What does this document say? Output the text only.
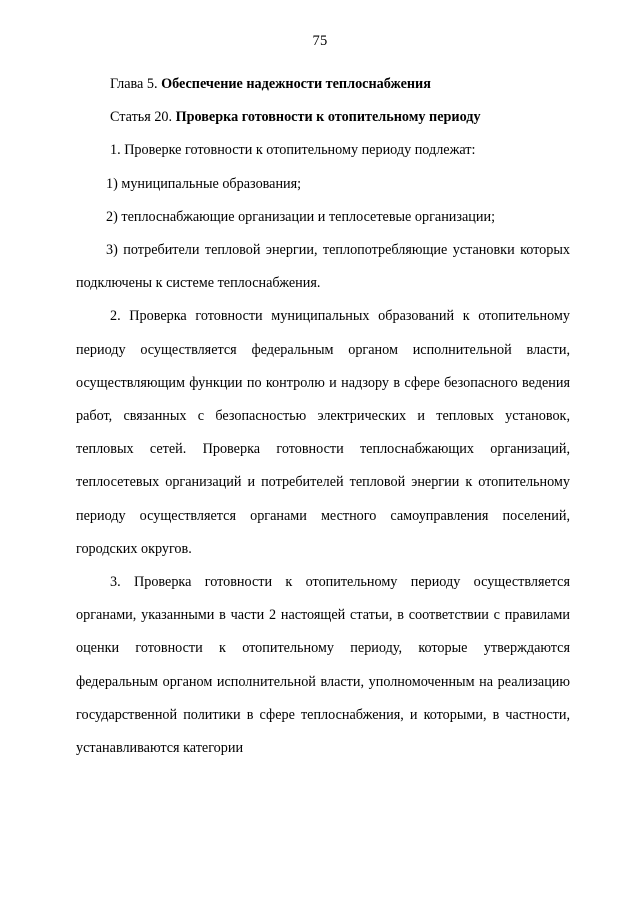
75

Глава 5. Обеспечение надежности теплоснабжения

Статья 20. Проверка готовности к отопительному периоду

1. Проверке готовности к отопительному периоду подлежат:

1) муниципальные образования;

2) теплоснабжающие организации и теплосетевые организации;

3) потребители тепловой энергии, теплопотребляющие установки которых подключены к системе теплоснабжения.

2. Проверка готовности муниципальных образований к отопительному периоду осуществляется федеральным органом исполнительной власти, осуществляющим функции по контролю и надзору в сфере безопасного ведения работ, связанных с безопасностью электрических и тепловых установок, тепловых сетей. Проверка готовности теплоснабжающих организаций, теплосетевых организаций и потребителей тепловой энергии к отопительному периоду осуществляется органами местного самоуправления поселений, городских округов.

3. Проверка готовности к отопительному периоду осуществляется органами, указанными в части 2 настоящей статьи, в соответствии с правилами оценки готовности к отопительному периоду, которые утверждаются федеральным органом исполнительной власти, уполномоченным на реализацию государственной политики в сфере теплоснабжения, и которыми, в частности, устанавливаются категории
